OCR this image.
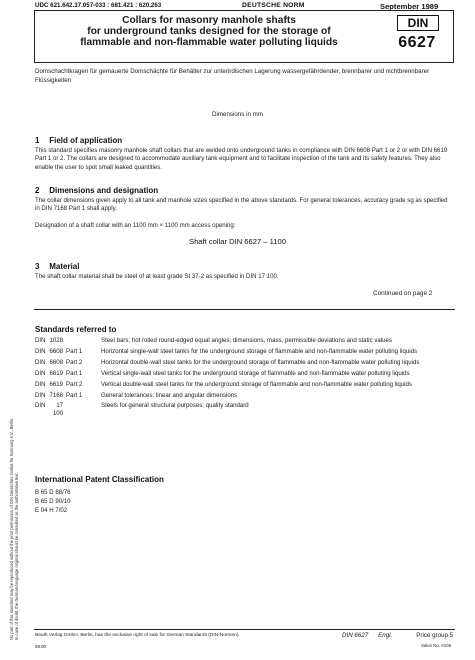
UDC 621.642.37.057-033 : 681.421 : 620.263	DEUTSCHE NORM	September 1989
Collars for masonry manhole shafts
for underground tanks designed for the storage of
flammable and non-flammable water polluting liquids
DIN
6627
Domschachtkragen für gemauerte Domschächte für Behälter zur unterirdischen Lagerung wassergefährdender, brennbarer und nichtbrennbarer Flüssigkeiten
Dimensions in mm
1 Field of application
This standard specifies masonry manhole shaft collars that are welded onto underground tanks in compliance with DIN 6608 Part 1 or 2 or with DIN 6619 Part 1 or 2. The collars are designed to accommodate auxiliary tank equipment and to facilitate inspection of the tank and its safety features. They also enable the user to spot small leaked quantities.
2 Dimensions and designation
The collar dimensions given apply to all tank and manhole sizes specified in the above standards. For general tolerances, accuracy grade sg as specified in DIN 7168 Part 1 shall apply.
Designation of a shaft collar with an 1100 mm × 1100 mm access opening:
Shaft collar DIN 6627 – 1100
3 Material
The shaft collar material shall be steel of at least grade St 37-2 as specified in DIN 17 100.
Continued on page 2
Standards referred to
DIN	1028			Steel bars; hot rolled round-edged equal angles; dimensions, mass, permissible deviations and static values
DIN	6608	Part 1		Horizontal single-wall steel tanks for the underground storage of flammable and non-flammable water polluting liquids
DIN	6608	Part 2		Horizontal double-wall steel tanks for the underground storage of flammable and non-flammable water polluting liquids
DIN	6619	Part 1		Vertical single-wall steel tanks for the underground storage of flammable and non-flammable water polluting liquids
DIN	6619	Part 2		Vertical double-wall steel tanks for the underground storage of flammable and non-flammable water polluting liquids
DIN	7168	Part 1		General tolerances; linear and angular dimensions
DIN	17 100			Steels for general structural purposes; quality standard
International Patent Classification
B 65 D 88/76
B 65 D 90/10
E 04 H 7/02
No part of this standard may be reproduced without the prior permission of DIN Deutsches Institut für Normung e.V., Berlin. In case of doubt, the German-language original should be consulted as the authoritative text.	Beuth Verlag GmbH, Berlin, has the exclusive right of sale for German Standards (DIN-Normen).
08.90
DIN 6627 Engl.	Price group 5
Sales No. 0105
